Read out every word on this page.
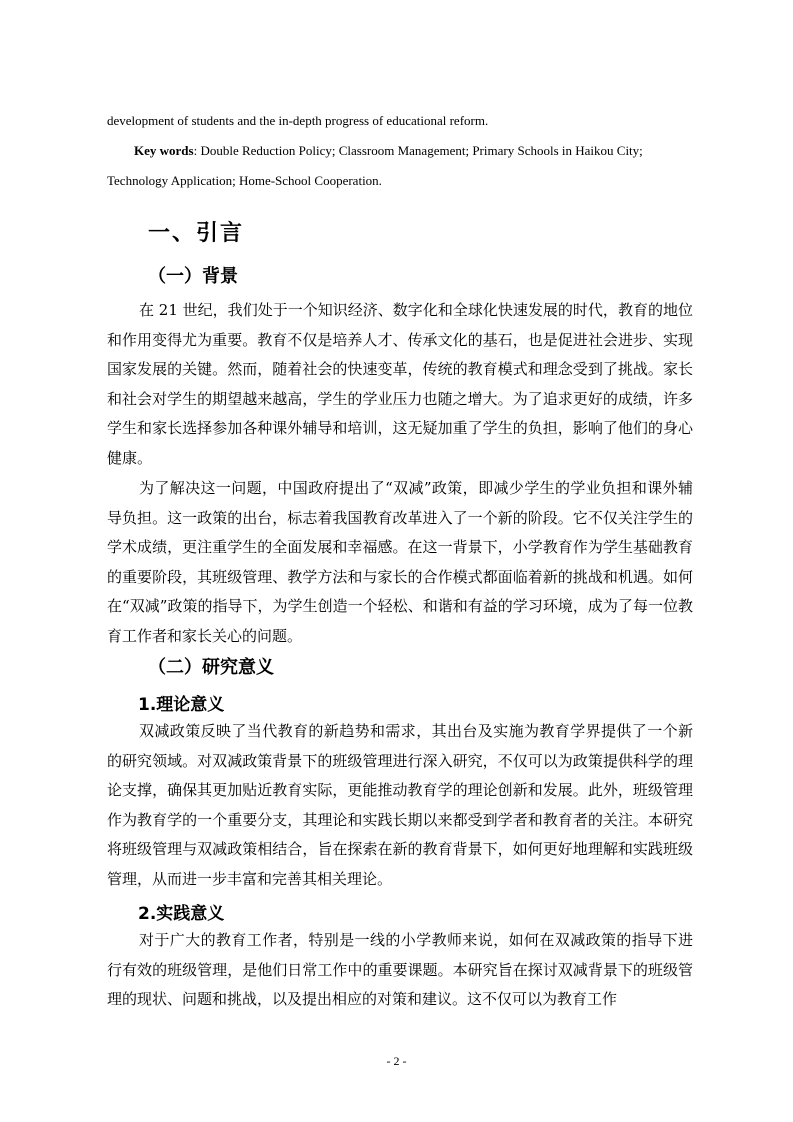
development of students and the in-depth progress of educational reform.
Key words: Double Reduction Policy; Classroom Management; Primary Schools in Haikou City;
Technology Application; Home-School Cooperation.
一、引言
（一）背景

在 21 世纪，我们处于一个知识经济、数字化和全球化快速发展的时代，教育的地位和作用变得尤为重要。教育不仅是培养人才、传承文化的基石，也是促进社会进步、实现国家发展的关键。然而，随着社会的快速变革，传统的教育模式和理念受到了挑战。家长和社会对学生的期望越来越高，学生的学业压力也随之增大。为了追求更好的成绩，许多学生和家长选择参加各种课外辅导和培训，这无疑加重了学生的负担，影响了他们的身心健康。

为了解决这一问题，中国政府提出了“双减”政策，即减少学生的学业负担和课外辅导负担。这一政策的出台，标志着我国教育改革进入了一个新的阶段。它不仅关注学生的学术成绩，更注重学生的全面发展和幸福感。在这一背景下，小学教育作为学生基础教育的重要阶段，其班级管理、教学方法和与家长的合作模式都面临着新的挑战和机遇。如何在“双减”政策的指导下，为学生创造一个轻松、和谐和有益的学习环境，成为了每一位教育工作者和家长关心的问题。

（二）研究意义
1.理论意义

双减政策反映了当代教育的新趋势和需求，其出台及实施为教育学界提供了一个新的研究领域。对双减政策背景下的班级管理进行深入研究，不仅可以为政策提供科学的理论支撑，确保其更加贴近教育实际，更能推动教育学的理论创新和发展。此外，班级管理作为教育学的一个重要分支，其理论和实践长期以来都受到学者和教育者的关注。本研究将班级管理与双减政策相结合，旨在探索在新的教育背景下，如何更好地理解和实践班级管理，从而进一步丰富和完善其相关理论。

2.实践意义

对于广大的教育工作者，特别是一线的小学教师来说，如何在双减政策的指导下进行有效的班级管理，是他们日常工作中的重要课题。本研究旨在探讨双减背景下的班级管理的现状、问题和挑战，以及提出相应的对策和建议。这不仅可以为教育工作

- 2 -
